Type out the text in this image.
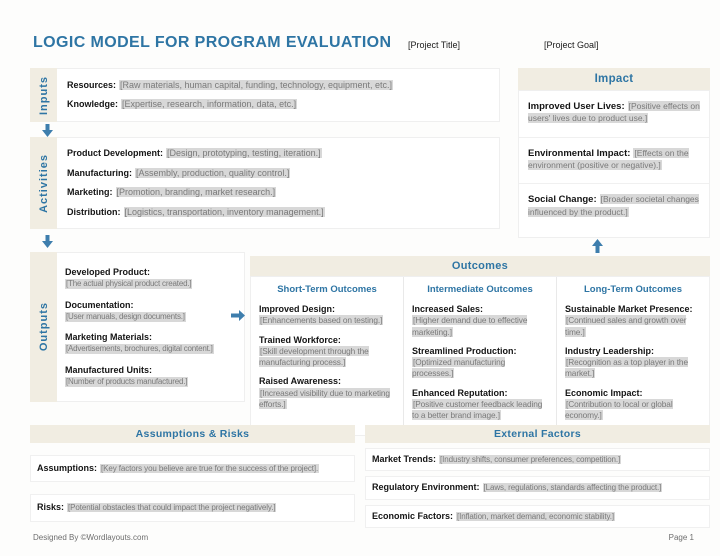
LOGIC MODEL FOR PROGRAM EVALUATION [Project Title]	[Project Goal]
Inputs Resources: [Raw materials, human capital, funding, technology, equipment, etc.]
Knowledge: [Expertise, research, information, data, etc.]
Activities
Product Development: [Design, prototyping, testing, iteration.]
Manufacturing: [Assembly, production, quality control.]
Marketing: [Promotion, branding, market research.]
Distribution: [Logistics, transportation, inventory management.]
Outputs
Developed Product:
[The actual physical product created.]
Documentation:
[User manuals, design documents.]
Marketing Materials:
[Advertisements, brochures, digital content.]
Manufactured Units:
[Number of products manufactured.]
Outcomes
Short-Term Outcomes
Improved Design:
[Enhancements based on testing.]
Trained Workforce:
[Skill development through the manufacturing process.]
Raised Awareness:
[Increased visibility due to marketing efforts.]
Intermediate Outcomes
Increased Sales:
[Higher demand due to effective marketing.]
Streamlined Production:
[Optimized manufacturing processes.]
Enhanced Reputation:
[Positive customer feedback leading to a better brand image.]
Long-Term Outcomes
Sustainable Market Presence:
[Continued sales and growth over time.]
Industry Leadership:
[Recognition as a top player in the market.]
Economic Impact:
[Contribution to local or global economy.]
Impact
Improved User Lives: [Positive effects on users' lives due to product use.]
Environmental Impact: [Effects on the environment (positive or negative).]
Social Change: [Broader societal changes influenced by the product.]
Assumptions & Risks
Assumptions: [Key factors you believe are true for the success of the project].
Risks: [Potential obstacles that could impact the project negatively.]
External Factors
Market Trends: [Industry shifts, consumer preferences, competition.]
Regulatory Environment: [Laws, regulations, standards affecting the product.]
Economic Factors: [Inflation, market demand, economic stability.]
Designed By ©Wordlayouts.com	Page 1
